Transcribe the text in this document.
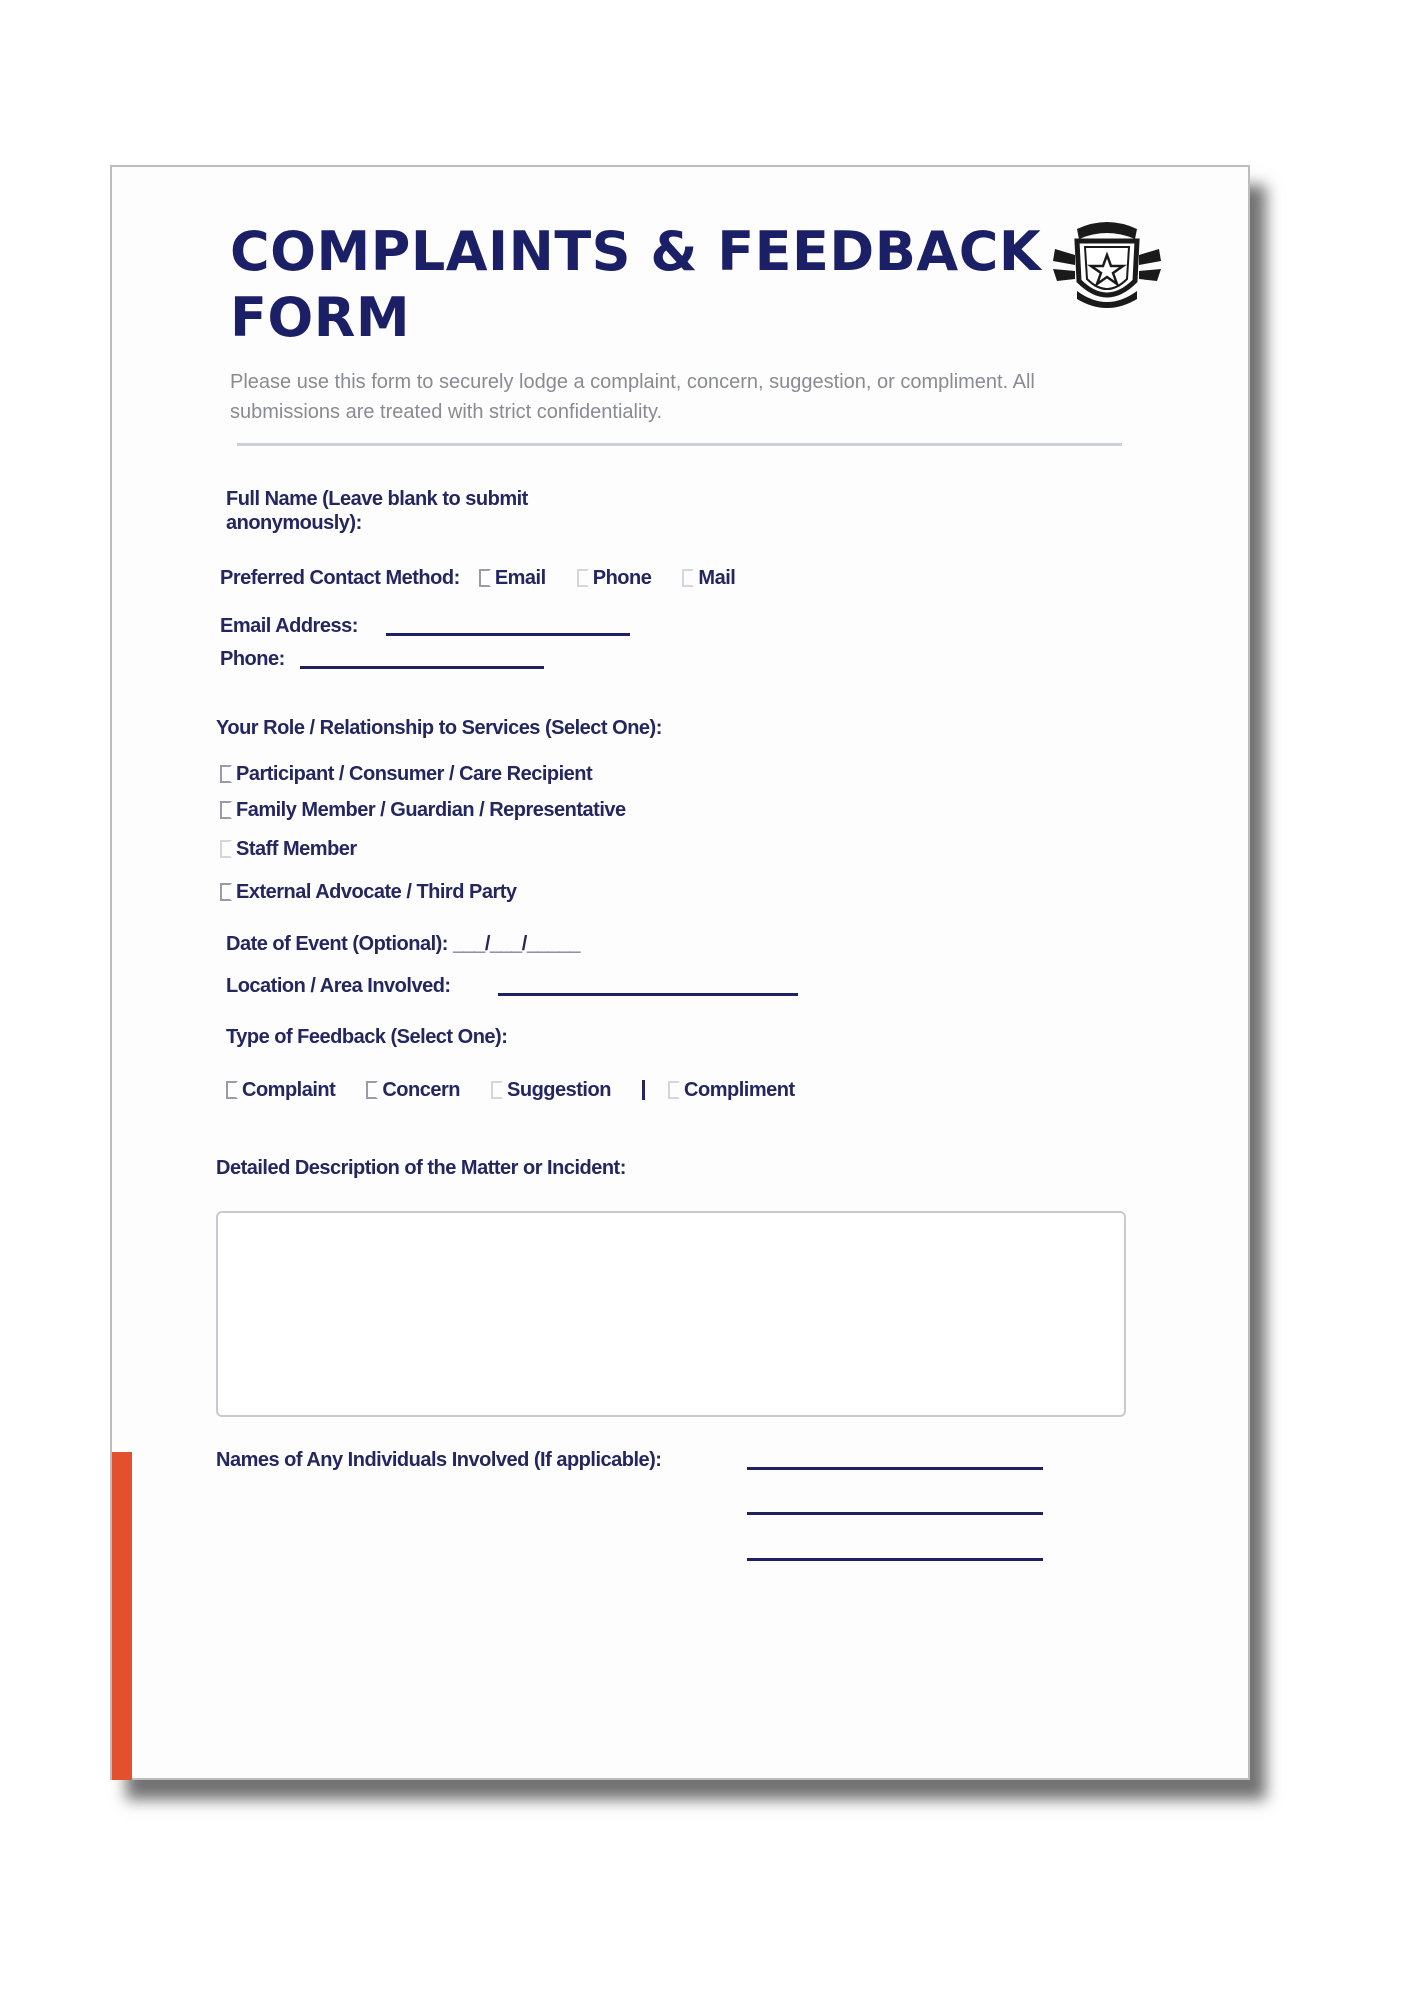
COMPLAINTS & FEEDBACK FORM

Please use this form to securely lodge a complaint, concern, suggestion, or compliment. All submissions are treated with strict confidentiality.

Full Name (Leave blank to submit anonymously):
Preferred Contact Method: Email Phone Mail
Email Address:
Phone:
Your Role / Relationship to Services (Select One):
Participant / Consumer / Care Recipient
Family Member / Guardian / Representative
Staff Member
External Advocate / Third Party
Date of Event (Optional): ___/___/_____
Location / Area Involved:
Type of Feedback (Select One):
Complaint Concern Suggestion	Compliment
Detailed Description of the Matter or Incident:
Names of Any Individuals Involved (If applicable):
